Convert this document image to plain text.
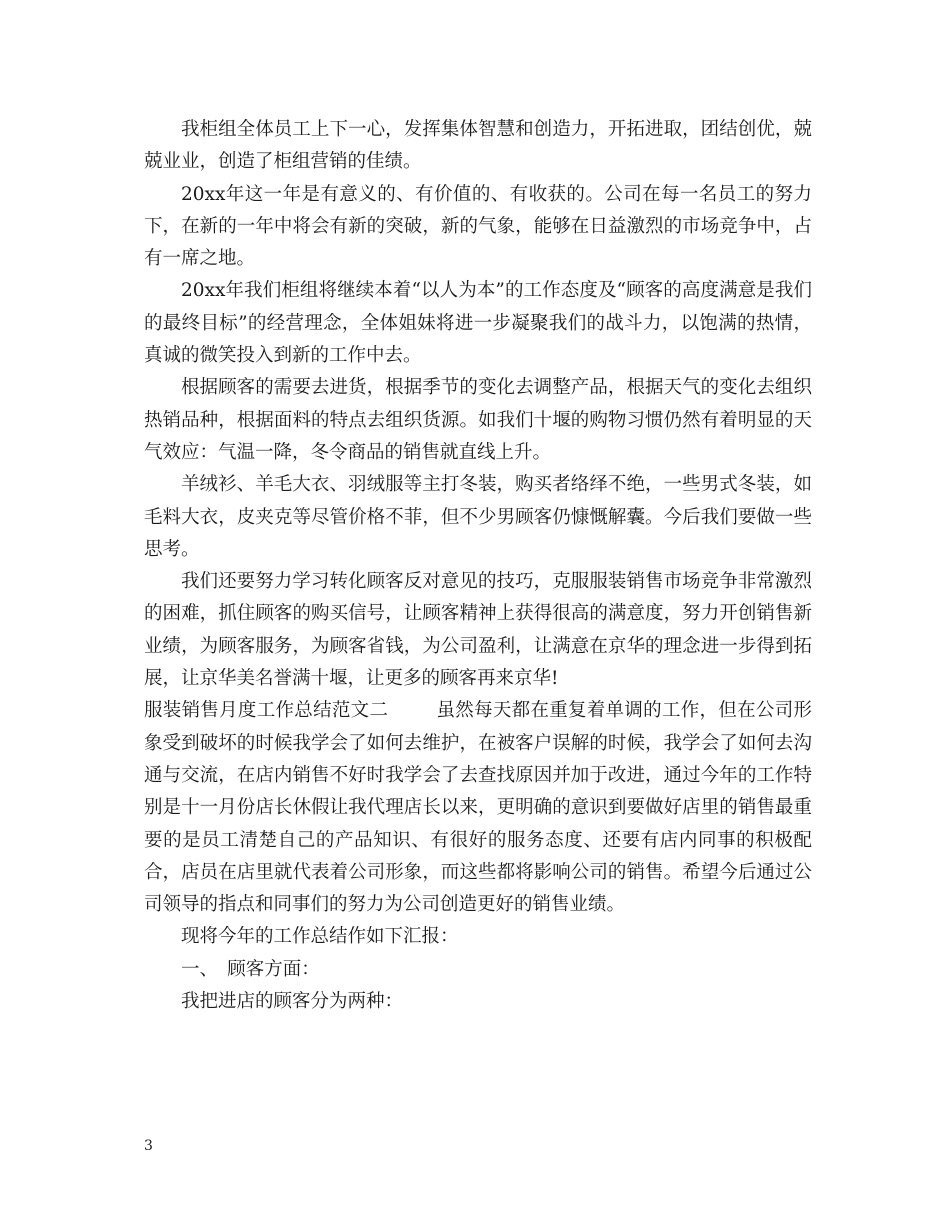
我柜组全体员工上下一心，发挥集体智慧和创造力，开拓进取，团结创优，兢兢业业，创造了柜组营销的佳绩。

20xx年这一年是有意义的、有价值的、有收获的。公司在每一名员工的努力下，在新的一年中将会有新的突破，新的气象，能够在日益激烈的市场竞争中，占有一席之地。

20xx年我们柜组将继续本着“以人为本”的工作态度及“顾客的高度满意是我们的最终目标”的经营理念，全体姐妹将进一步凝聚我们的战斗力，以饱满的热情，真诚的微笑投入到新的工作中去。

根据顾客的需要去进货，根据季节的变化去调整产品，根据天气的变化去组织热销品种，根据面料的特点去组织货源。如我们十堰的购物习惯仍然有着明显的天气效应：气温一降，冬令商品的销售就直线上升。

羊绒衫、羊毛大衣、羽绒服等主打冬装，购买者络绎不绝，一些男式冬装，如毛料大衣，皮夹克等尽管价格不菲，但不少男顾客仍慷慨解囊。今后我们要做一些思考。

我们还要努力学习转化顾客反对意见的技巧，克服服装销售市场竞争非常激烈的困难，抓住顾客的购买信号，让顾客精神上获得很高的满意度，努力开创销售新业绩，为顾客服务，为顾客省钱，为公司盈利，让满意在京华的理念进一步得到拓展，让京华美名誉满十堰，让更多的顾客再来京华!

服装销售月度工作总结范文二	虽然每天都在重复着单调的工作，但在公司形象受到破坏的时候我学会了如何去维护，在被客户误解的时候，我学会了如何去沟通与交流，在店内销售不好时我学会了去查找原因并加于改进，通过今年的工作特别是十一月份店长休假让我代理店长以来，更明确的意识到要做好店里的销售最重要的是员工清楚自己的产品知识、有很好的服务态度、还要有店内同事的积极配合，店员在店里就代表着公司形象，而这些都将影响公司的销售。希望今后通过公司领导的指点和同事们的努力为公司创造更好的销售业绩。

现将今年的工作总结作如下汇报：

一、　顾客方面：

我把进店的顾客分为两种：

3
